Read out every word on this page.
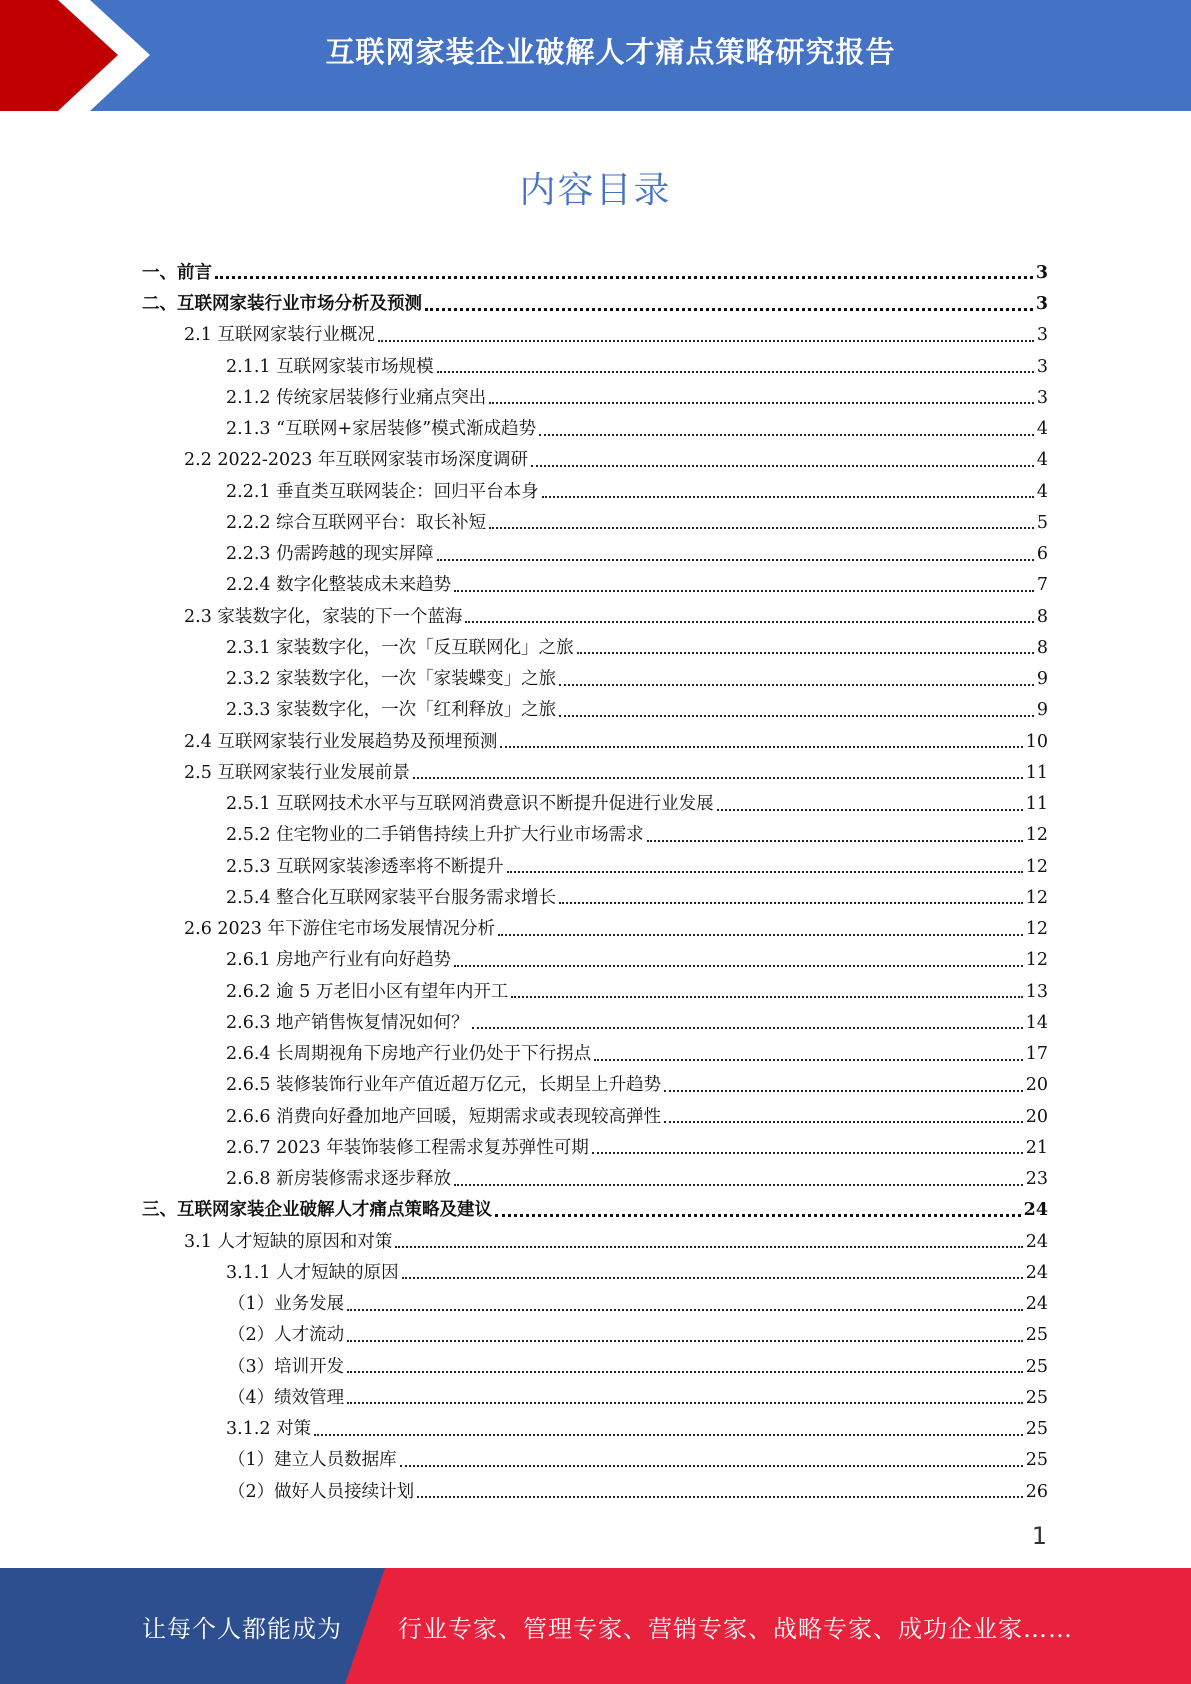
互联网家装企业破解人才痛点策略研究报告
内容目录
一、前言	3
二、互联网家装行业市场分析及预测	3
2.1 互联网家装行业概况	3
2.1.1 互联网家装市场规模	3
2.1.2 传统家居装修行业痛点突出	3
2.1.3 “互联网+家居装修”模式渐成趋势	4
2.2 2022-2023 年互联网家装市场深度调研	4
2.2.1 垂直类互联网装企：回归平台本身	4
2.2.2 综合互联网平台：取长补短	5
2.2.3 仍需跨越的现实屏障	6
2.2.4 数字化整装成未来趋势	7
2.3 家装数字化，家装的下一个蓝海	8
2.3.1 家装数字化，一次「反互联网化」之旅	8
2.3.2 家装数字化，一次「家装蝶变」之旅	9
2.3.3 家装数字化，一次「红利释放」之旅	9
2.4 互联网家装行业发展趋势及预埋预测	10
2.5 互联网家装行业发展前景	11
2.5.1 互联网技术水平与互联网消费意识不断提升促进行业发展	11
2.5.2 住宅物业的二手销售持续上升扩大行业市场需求	12
2.5.3 互联网家装渗透率将不断提升	12
2.5.4 整合化互联网家装平台服务需求增长	12
2.6 2023 年下游住宅市场发展情况分析	12
2.6.1 房地产行业有向好趋势	12
2.6.2 逾 5 万老旧小区有望年内开工	13
2.6.3 地产销售恢复情况如何？	14
2.6.4 长周期视角下房地产行业仍处于下行拐点	17
2.6.5 装修装饰行业年产值近超万亿元，长期呈上升趋势	20
2.6.6 消费向好叠加地产回暖，短期需求或表现较高弹性	20
2.6.7 2023 年装饰装修工程需求复苏弹性可期	21
2.6.8 新房装修需求逐步释放	23
三、互联网家装企业破解人才痛点策略及建议	24
3.1 人才短缺的原因和对策	24
3.1.1 人才短缺的原因	24
（1）业务发展	24
（2）人才流动	25
（3）培训开发	25
（4）绩效管理	25
3.1.2 对策	25
（1）建立人员数据库	25
（2）做好人员接续计划	26
1
让每个人都能成为 行业专家、管理专家、营销专家、战略专家、成功企业家……
